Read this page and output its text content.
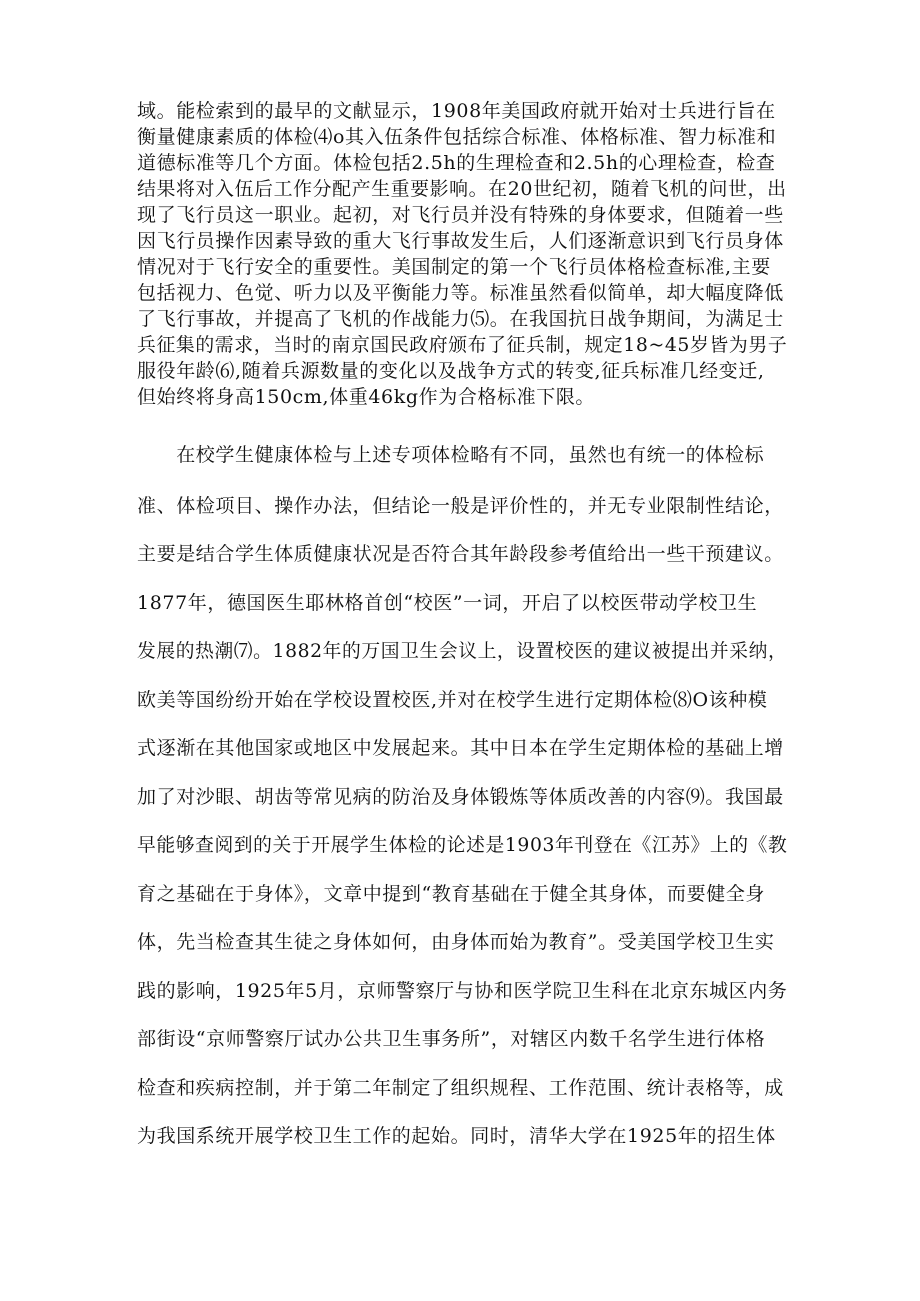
域。能检索到的最早的文献显示，1908年美国政府就开始对士兵进行旨在
衡量健康素质的体检⑷o其入伍条件包括综合标准、体格标准、智力标准和
道德标准等几个方面。体检包括2.5h的生理检查和2.5h的心理检查，检查
结果将对入伍后工作分配产生重要影响。在20世纪初，随着飞机的问世，出
现了飞行员这一职业。起初，对飞行员并没有特殊的身体要求，但随着一些
因飞行员操作因素导致的重大飞行事故发生后，人们逐渐意识到飞行员身体
情况对于飞行安全的重要性。美国制定的第一个飞行员体格检查标准,主要
包括视力、色觉、听力以及平衡能力等。标准虽然看似简单，却大幅度降低
了飞行事故，并提高了飞机的作战能力⑸。在我国抗日战争期间，为满足士
兵征集的需求，当时的南京国民政府颁布了征兵制，规定18~45岁皆为男子
服役年龄⑹,随着兵源数量的变化以及战争方式的转变,征兵标准几经变迁,
但始终将身高150cm,体重46kg作为合格标准下限。
　　在校学生健康体检与上述专项体检略有不同，虽然也有统一的体检标
准、体检项目、操作办法，但结论一般是评价性的，并无专业限制性结论，
主要是结合学生体质健康状况是否符合其年龄段参考值给出一些干预建议。
1877年，德国医生耶林格首创“校医”一词，开启了以校医带动学校卫生
发展的热潮⑺。1882年的万国卫生会议上，设置校医的建议被提出并采纳，
欧美等国纷纷开始在学校设置校医,并对在校学生进行定期体检⑻O该种模
式逐渐在其他国家或地区中发展起来。其中日本在学生定期体检的基础上增
加了对沙眼、胡齿等常见病的防治及身体锻炼等体质改善的内容⑼。我国最
早能够查阅到的关于开展学生体检的论述是1903年刊登在《江苏》上的《教
育之基础在于身体》，文章中提到“教育基础在于健全其身体，而要健全身
体，先当检查其生徒之身体如何，由身体而始为教育”。受美国学校卫生实
践的影响，1925年5月，京师警察厅与协和医学院卫生科在北京东城区内务
部街设“京师警察厅试办公共卫生事务所”，对辖区内数千名学生进行体格
检查和疾病控制，并于第二年制定了组织规程、工作范围、统计表格等，成
为我国系统开展学校卫生工作的起始。同时，清华大学在1925年的招生体
